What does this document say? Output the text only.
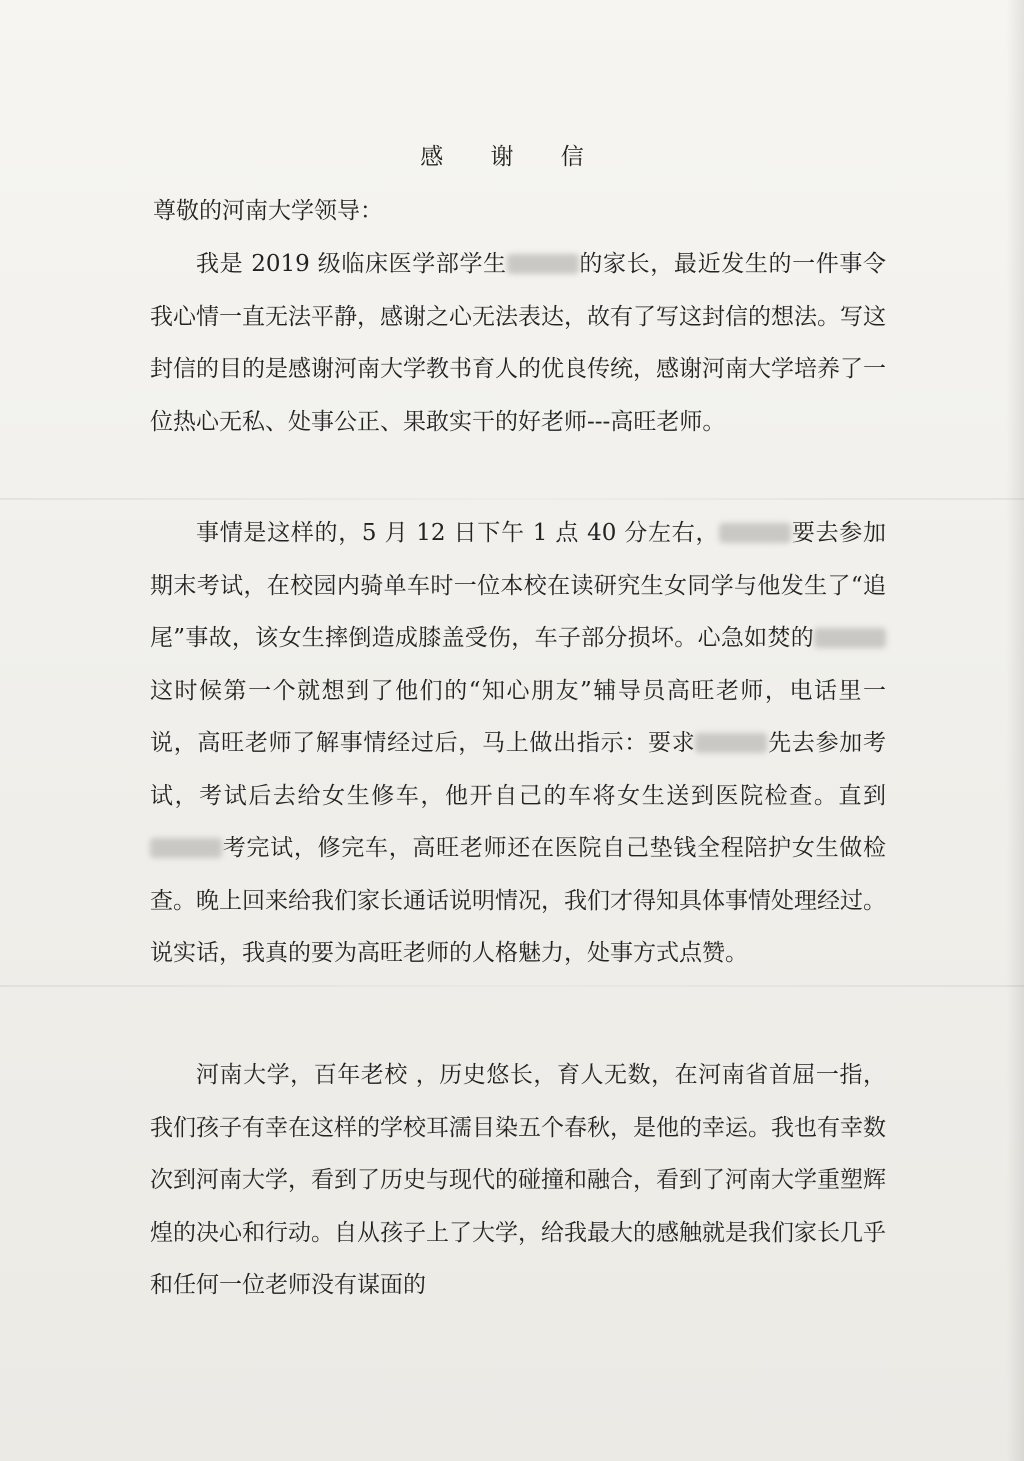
感 谢 信
尊敬的河南大学领导：
我是 2019 级临床医学部学生	的家长，最近发生的一件事令我心情一直无法平静，感谢之心无法表达，故有了写这封信的想法。写这封信的目的是感谢河南大学教书育人的优良传统，感谢河南大学培养了一位热心无私、处事公正、果敢实干的好老师---高旺老师。
事情是这样的，5 月 12 日下午 1 点 40 分左右，	要去参加期末考试，在校园内骑单车时一位本校在读研究生女同学与他发生了“追尾”事故，该女生摔倒造成膝盖受伤，车子部分损坏。心急如焚的这时候第一个就想到了他们的“知心朋友”辅导员高旺老师，电话里一说，高旺老师了解事情经过后，马上做出指示：要求	先去参加考试，考试后去给女生修车，他开自己的车将女生送到医院检查。直到考完试，修完车，高旺老师还在医院自己垫钱全程陪护女生做检查。晚上回来给我们家长通话说明情况，我们才得知具体事情处理经过。说实话，我真的要为高旺老师的人格魅力，处事方式点赞。
河南大学，百年老校 ，历史悠长，育人无数，在河南省首屈一指，我们孩子有幸在这样的学校耳濡目染五个春秋，是他的幸运。我也有幸数次到河南大学，看到了历史与现代的碰撞和融合，看到了河南大学重塑辉煌的决心和行动。自从孩子上了大学，给我最大的感触就是我们家长几乎和任何一位老师没有谋面的
